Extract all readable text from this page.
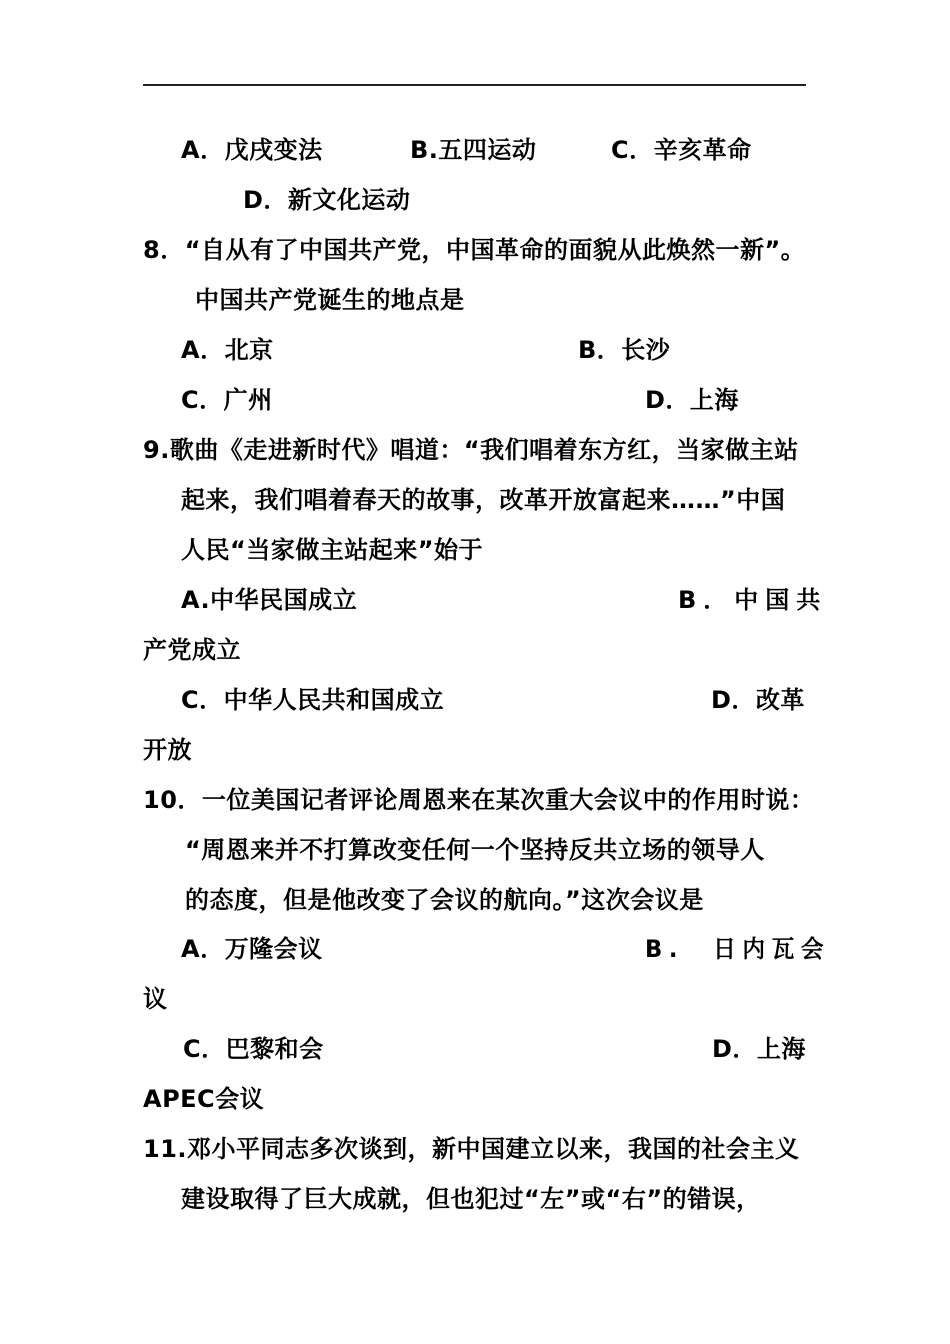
A．戊戌变法	B.五四运动	C．辛亥革命
D．新文化运动
8．“自从有了中国共产党，中国革命的面貌从此焕然一新”。
中国共产党诞生的地点是
A．北京	B．长沙
C．广州	D．上海
9.歌曲《走进新时代》唱道：“我们唱着东方红，当家做主站
起来，我们唱着春天的故事，改革开放富起来……”中国
人民“当家做主站起来”始于
A.中华民国成立	B．中国共
产党成立
C．中华人民共和国成立	D．改革
开放
10．一位美国记者评论周恩来在某次重大会议中的作用时说：
“周恩来并不打算改变任何一个坚持反共立场的领导人
的态度，但是他改变了会议的航向。”这次会议是
A．万隆会议	B.  日内瓦会
议
C．巴黎和会	D．上海
APEC会议
11.邓小平同志多次谈到，新中国建立以来，我国的社会主义
建设取得了巨大成就，但也犯过“左”或“右”的错误，
